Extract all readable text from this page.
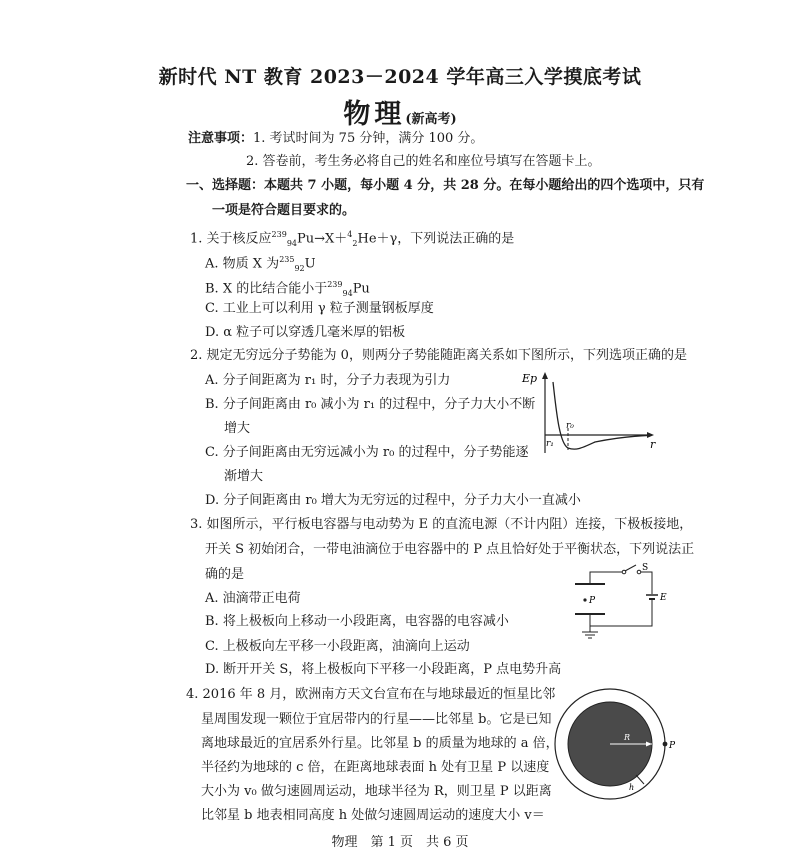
新时代 NT 教育 2023－2024 学年高三入学摸底考试
物理(新高考)
注意事项：1. 考试时间为 75 分钟，满分 100 分。
2. 答卷前，考生务必将自己的姓名和座位号填写在答题卡上。
一、选择题：本题共 7 小题，每小题 4 分，共 28 分。在每小题给出的四个选项中，只有
一项是符合题目要求的。
1. 关于核反应$^{239}_{94}$Pu→X＋$^4_2$He＋γ，下列说法正确的是
A. 物质 X 为$^{235}_{92}$U
B. X 的比结合能小于$^{239}_{94}$Pu
C. 工业上可以利用 γ 粒子测量钢板厚度
D. α 粒子可以穿透几毫米厚的铝板
2. 规定无穷远分子势能为 0，则两分子势能随距离关系如下图所示，下列选项正确的是
A. 分子间距离为 r₁ 时，分子力表现为引力
B. 分子间距离由 r₀ 减小为 r₁ 的过程中，分子力大小不断
增大
C. 分子间距离由无穷远减小为 r₀ 的过程中，分子势能逐
渐增大
D. 分子间距离由 r₀ 增大为无穷远的过程中，分子力大小一直减小
Ep
r
r₀
r₁
3. 如图所示，平行板电容器与电动势为 E 的直流电源（不计内阻）连接，下极板接地，
开关 S 初始闭合，一带电油滴位于电容器中的 P 点且恰好处于平衡状态，下列说法正
确的是
A. 油滴带正电荷
B. 将上极板向上移动一小段距离，电容器的电容减小
C. 上极板向左平移一小段距离，油滴向上运动
D. 断开开关 S，将上极板向下平移一小段距离，P 点电势升高
P
S
E
4. 2016 年 8 月，欧洲南方天文台宣布在与地球最近的恒星比邻
星周围发现一颗位于宜居带内的行星——比邻星 b。它是已知
离地球最近的宜居系外行星。比邻星 b 的质量为地球的 a 倍，
半径约为地球的 c 倍，在距离地球表面 h 处有卫星 P 以速度
大小为 v₀ 做匀速圆周运动，地球半径为 R，则卫星 P 以距离
比邻星 b 地表相同高度 h 处做匀速圆周运动的速度大小 v＝
R
P
h
物理　第 1 页　共 6 页
